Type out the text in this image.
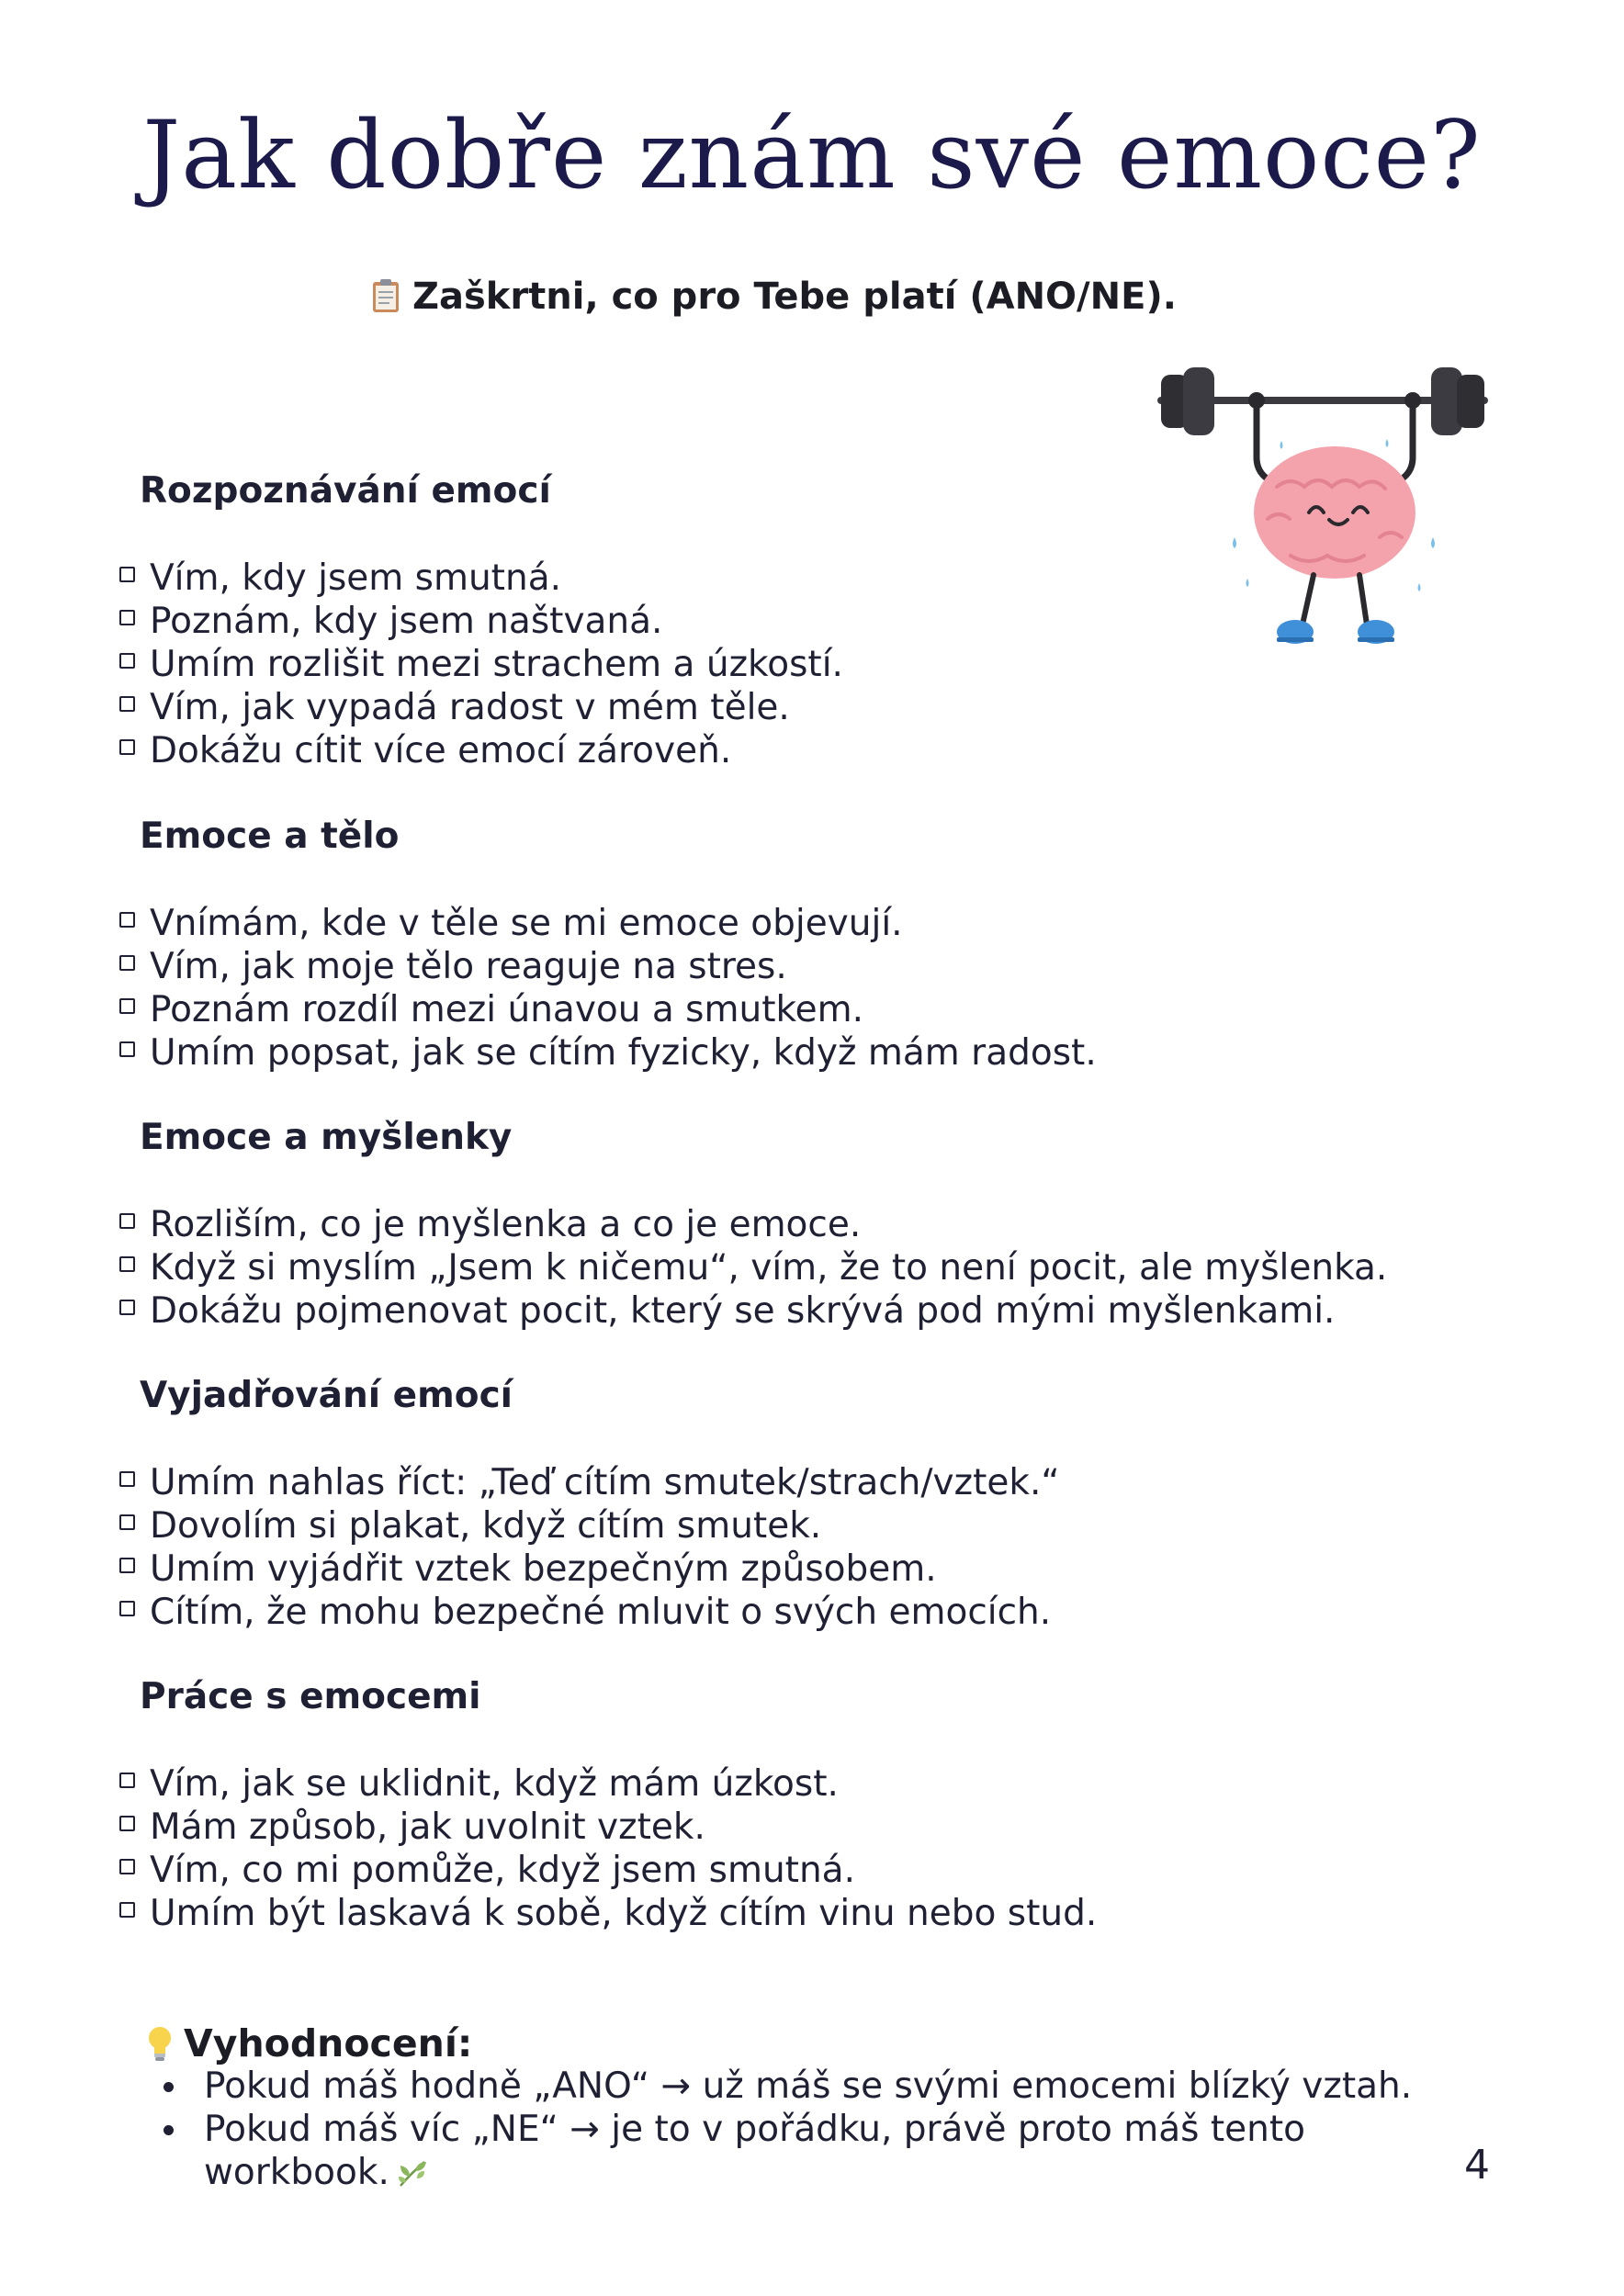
Jak dobře znám své emoce?
Zaškrtni, co pro Tebe platí (ANO/NE).
Rozpoznávání emocí
Vím, kdy jsem smutná.
Poznám, kdy jsem naštvaná.
Umím rozlišit mezi strachem a úzkostí.
Vím, jak vypadá radost v mém těle.
Dokážu cítit více emocí zároveň.
Emoce a tělo
Vnímám, kde v těle se mi emoce objevují.
Vím, jak moje tělo reaguje na stres.
Poznám rozdíl mezi únavou a smutkem.
Umím popsat, jak se cítím fyzicky, když mám radost.
Emoce a myšlenky
Rozliším, co je myšlenka a co je emoce.
Když si myslím „Jsem k ničemu“, vím, že to není pocit, ale myšlenka.
Dokážu pojmenovat pocit, který se skrývá pod mými myšlenkami.
Vyjadřování emocí
Umím nahlas říct: „Teď cítím smutek/strach/vztek.“
Dovolím si plakat, když cítím smutek.
Umím vyjádřit vztek bezpečným způsobem.
Cítím, že mohu bezpečné mluvit o svých emocích.
Práce s emocemi
Vím, jak se uklidnit, když mám úzkost.
Mám způsob, jak uvolnit vztek.
Vím, co mi pomůže, když jsem smutná.
Umím být laskavá k sobě, když cítím vinu nebo stud.
Vyhodnocení:
Pokud máš hodně „ANO“ → už máš se svými emocemi blízký vztah.
Pokud máš víc „NE“ → je to v pořádku, právě proto máš tento
workbook.	4
